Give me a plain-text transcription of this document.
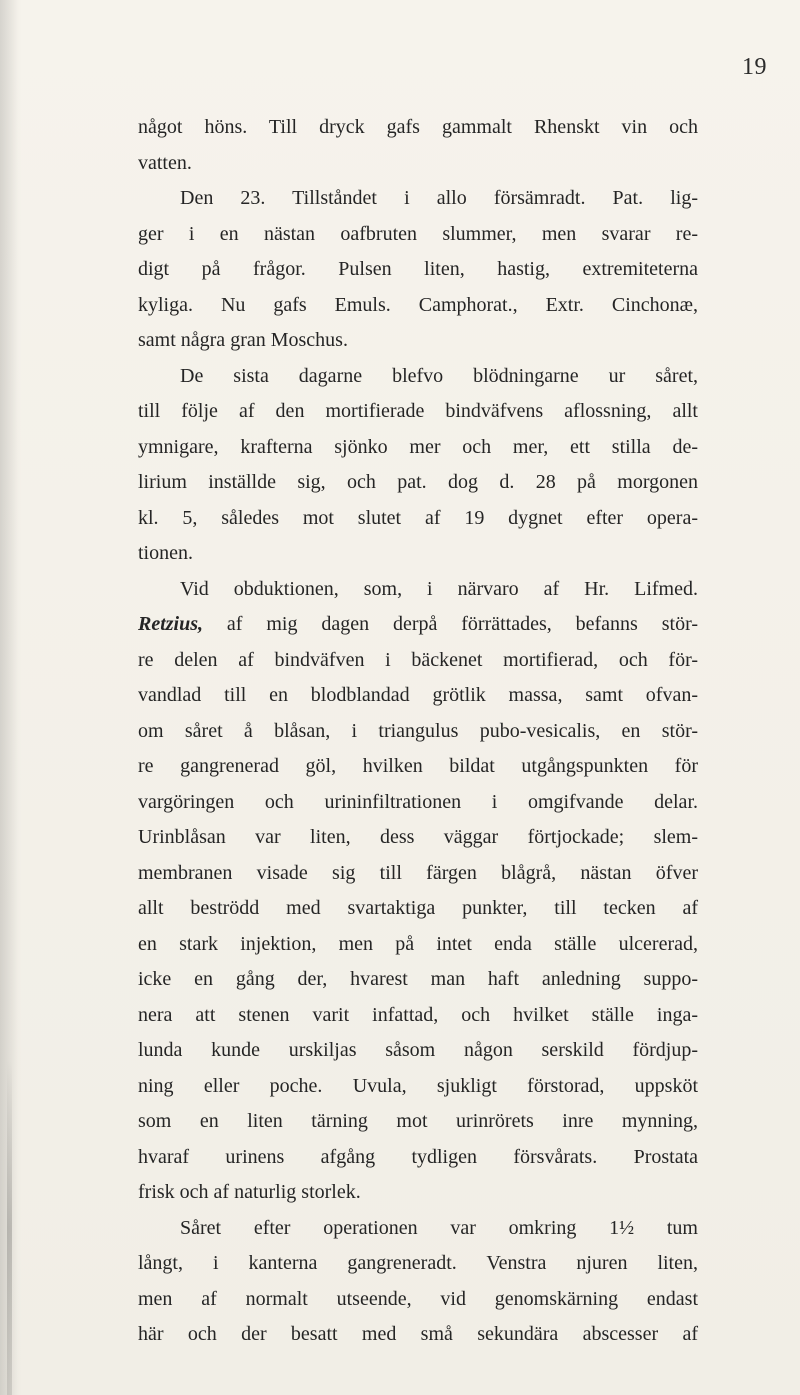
19
något höns. Till dryck gafs gammalt Rhenskt vin och
vatten.
Den 23. Tillståndet i allo försämradt. Pat. lig-
ger i en nästan oafbruten slummer, men svarar re-
digt på frågor. Pulsen liten, hastig, extremiteterna
kyliga. Nu gafs Emuls. Camphorat., Extr. Cinchonæ,
samt några gran Moschus.
De sista dagarne blefvo blödningarne ur såret,
till följe af den mortifierade bindväfvens aflossning, allt
ymnigare, krafterna sjönko mer och mer, ett stilla de-
lirium inställde sig, och pat. dog d. 28 på morgonen
kl. 5, således mot slutet af 19 dygnet efter opera-
tionen.
Vid obduktionen, som, i närvaro af Hr. Lifmed.
Retzius, af mig dagen derpå förrättades, befanns stör-
re delen af bindväfven i bäckenet mortifierad, och för-
vandlad till en blodblandad grötlik massa, samt ofvan-
om såret å blåsan, i triangulus pubo-vesicalis, en stör-
re gangrenerad göl, hvilken bildat utgångspunkten för
vargöringen och urininfiltrationen i omgifvande delar.
Urinblåsan var liten, dess väggar förtjockade; slem-
membranen visade sig till färgen blågrå, nästan öfver
allt beströdd med svartaktiga punkter, till tecken af
en stark injektion, men på intet enda ställe ulcererad,
icke en gång der, hvarest man haft anledning suppo-
nera att stenen varit infattad, och hvilket ställe inga-
lunda kunde urskiljas såsom någon serskild fördjup-
ning eller poche. Uvula, sjukligt förstorad, uppsköt
som en liten tärning mot urinrörets inre mynning,
hvaraf urinens afgång tydligen försvårats. Prostata
frisk och af naturlig storlek.
Såret efter operationen var omkring 1½ tum
långt, i kanterna gangreneradt. Venstra njuren liten,
men af normalt utseende, vid genomskärning endast
här och der besatt med små sekundära abscesser af
